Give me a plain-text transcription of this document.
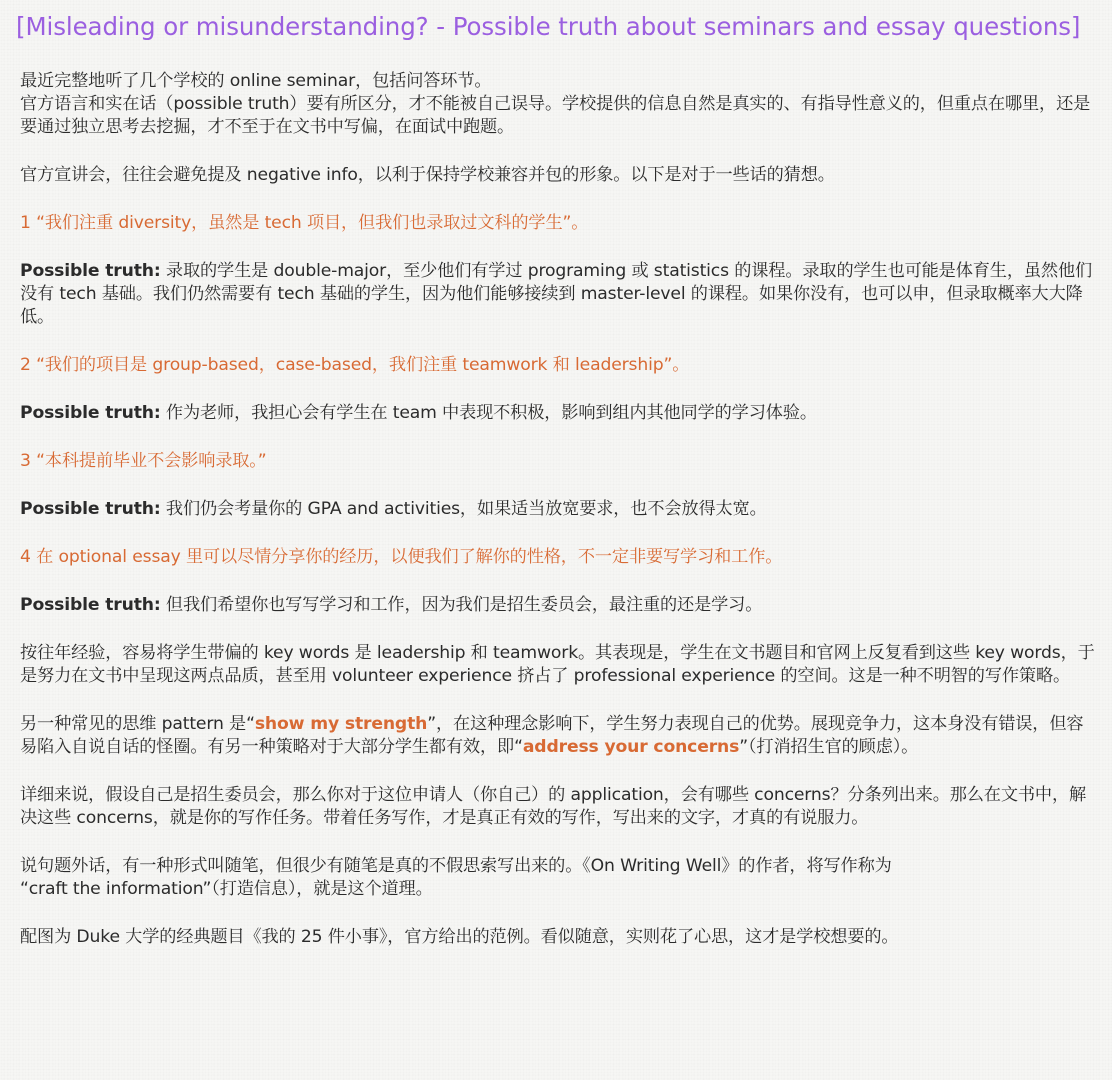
[Misleading or misunderstanding? - Possible truth about seminars and essay questions]
最近完整地听了几个学校的 online seminar，包括问答环节。
官方语言和实在话（possible truth）要有所区分，才不能被自己误导。学校提供的信息自然是真实的、有指导性意义的，但重点在哪里，还是要通过独立思考去挖掘，才不至于在文书中写偏，在面试中跑题。
官方宣讲会，往往会避免提及 negative info，以利于保持学校兼容并包的形象。以下是对于一些话的猜想。
1 “我们注重 diversity，虽然是 tech 项目，但我们也录取过文科的学生”。
Possible truth: 录取的学生是 double-major，至少他们有学过 programing 或 statistics 的课程。录取的学生也可能是体育生，虽然他们没有 tech 基础。我们仍然需要有 tech 基础的学生，因为他们能够接续到 master-level 的课程。如果你没有，也可以申，但录取概率大大降低。
2 “我们的项目是 group-based，case-based，我们注重 teamwork 和 leadership”。
Possible truth: 作为老师，我担心会有学生在 team 中表现不积极，影响到组内其他同学的学习体验。
3 “本科提前毕业不会影响录取。”
Possible truth: 我们仍会考量你的 GPA and activities，如果适当放宽要求，也不会放得太宽。
4 在 optional essay 里可以尽情分享你的经历，以便我们了解你的性格，不一定非要写学习和工作。
Possible truth: 但我们希望你也写写学习和工作，因为我们是招生委员会，最注重的还是学习。
按往年经验，容易将学生带偏的 key words 是 leadership 和 teamwork。其表现是，学生在文书题目和官网上反复看到这些 key words，于是努力在文书中呈现这两点品质，甚至用 volunteer experience 挤占了 professional experience 的空间。这是一种不明智的写作策略。
另一种常见的思维 pattern 是“show my strength”，在这种理念影响下，学生努力表现自己的优势。展现竞争力，这本身没有错误，但容易陷入自说自话的怪圈。有另一种策略对于大部分学生都有效，即“address your concerns”（打消招生官的顾虑）。
详细来说，假设自己是招生委员会，那么你对于这位申请人（你自己）的 application，会有哪些 concerns？分条列出来。那么在文书中，解决这些 concerns，就是你的写作任务。带着任务写作，才是真正有效的写作，写出来的文字，才真的有说服力。
说句题外话，有一种形式叫随笔，但很少有随笔是真的不假思索写出来的。《On Writing Well》的作者，将写作称为
“craft the information”（打造信息），就是这个道理。
配图为 Duke 大学的经典题目《我的 25 件小事》，官方给出的范例。看似随意，实则花了心思，这才是学校想要的。
